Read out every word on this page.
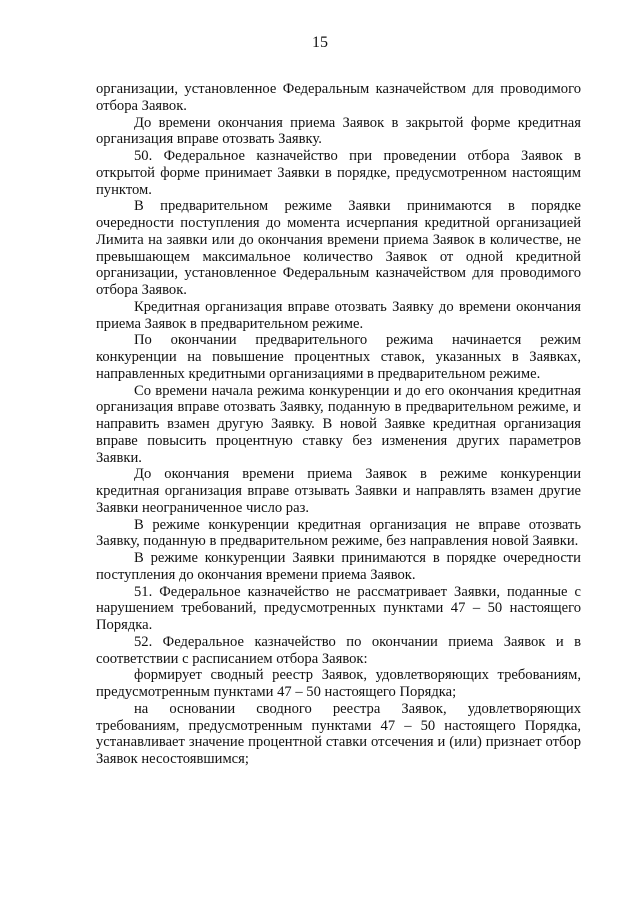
15

организации, установленное Федеральным казначейством для проводимого отбора Заявок.

До времени окончания приема Заявок в закрытой форме кредитная организация вправе отозвать Заявку.

50. Федеральное казначейство при проведении отбора Заявок в открытой форме принимает Заявки в порядке, предусмотренном настоящим пунктом.

В предварительном режиме Заявки принимаются в порядке очередности поступления до момента исчерпания кредитной организацией Лимита на заявки или до окончания времени приема Заявок в количестве, не превышающем максимальное количество Заявок от одной кредитной организации, установленное Федеральным казначейством для проводимого отбора Заявок.

Кредитная организация вправе отозвать Заявку до времени окончания приема Заявок в предварительном режиме.

По окончании предварительного режима начинается режим конкуренции на повышение процентных ставок, указанных в Заявках, направленных кредитными организациями в предварительном режиме.

Со времени начала режима конкуренции и до его окончания кредитная организация вправе отозвать Заявку, поданную в предварительном режиме, и направить взамен другую Заявку. В новой Заявке кредитная организация вправе повысить процентную ставку без изменения других параметров Заявки.

До окончания времени приема Заявок в режиме конкуренции кредитная организация вправе отзывать Заявки и направлять взамен другие Заявки неограниченное число раз.

В режиме конкуренции кредитная организация не вправе отозвать Заявку, поданную в предварительном режиме, без направления новой Заявки.

В режиме конкуренции Заявки принимаются в порядке очередности поступления до окончания времени приема Заявок.

51. Федеральное казначейство не рассматривает Заявки, поданные с нарушением требований, предусмотренных пунктами 47 – 50 настоящего Порядка.

52. Федеральное казначейство по окончании приема Заявок и в соответствии с расписанием отбора Заявок:

формирует сводный реестр Заявок, удовлетворяющих требованиям, предусмотренным пунктами 47 – 50 настоящего Порядка;

на основании сводного реестра Заявок, удовлетворяющих требованиям, предусмотренным пунктами 47 – 50 настоящего Порядка, устанавливает значение процентной ставки отсечения и (или) признает отбор Заявок несостоявшимся;
